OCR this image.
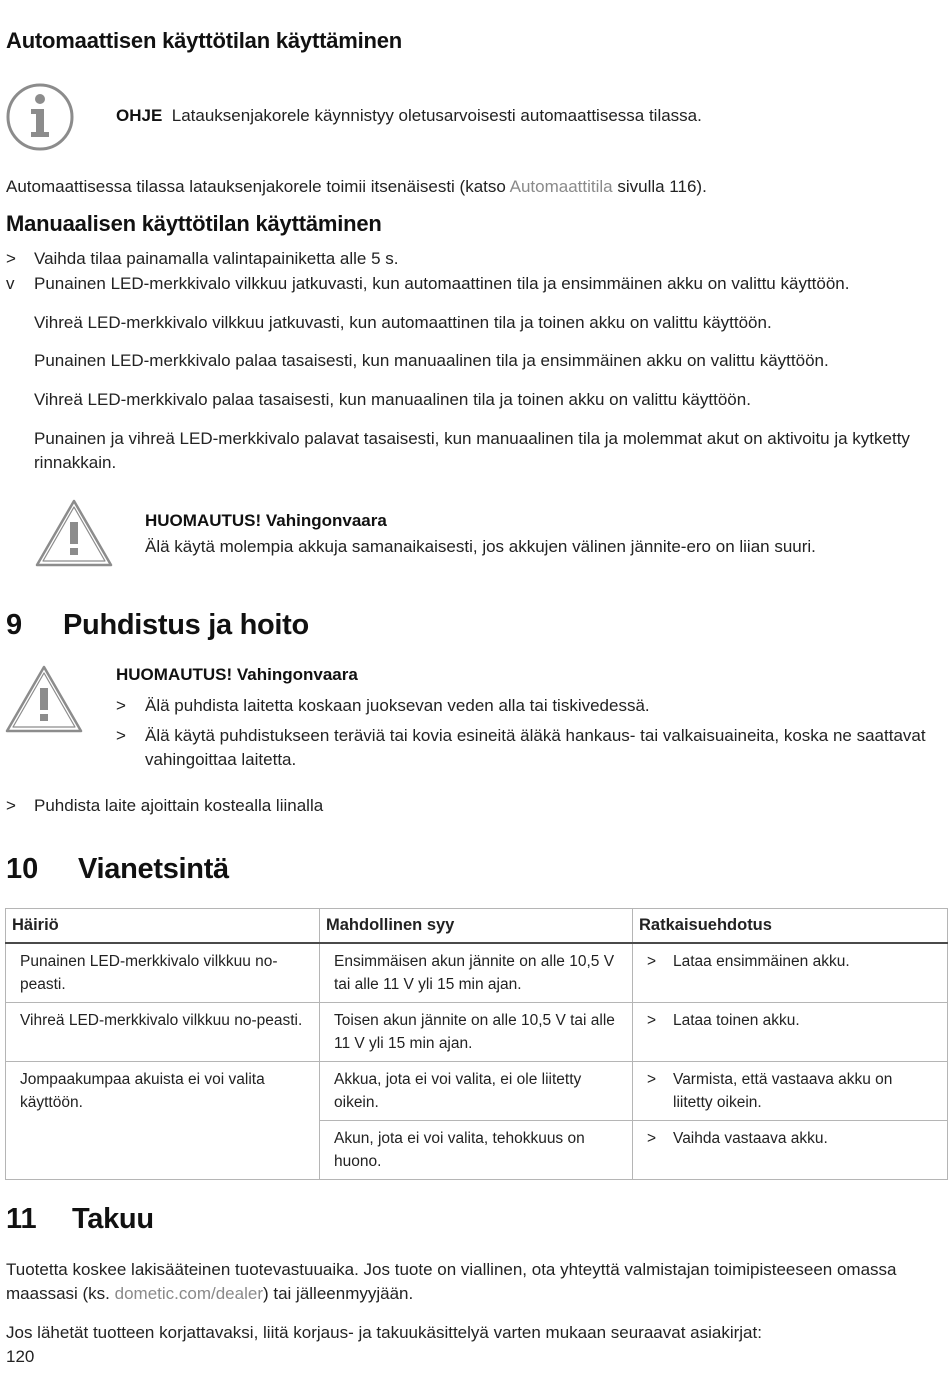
Automaattisen käyttötilan käyttäminen
OHJE Latauksenjakorele käynnistyy oletusarvoisesti automaattisessa tilassa.
Automaattisessa tilassa latauksenjakorele toimii itsenäisesti (katso Automaattitila sivulla 116).
Manuaalisen käyttötilan käyttäminen
> Vaihda tilaa painamalla valintapainiketta alle 5 s.
v Punainen LED-merkkivalo vilkkuu jatkuvasti, kun automaattinen tila ja ensimmäinen akku on valittu käyttöön.
Vihreä LED-merkkivalo vilkkuu jatkuvasti, kun automaattinen tila ja toinen akku on valittu käyttöön.
Punainen LED-merkkivalo palaa tasaisesti, kun manuaalinen tila ja ensimmäinen akku on valittu käyttöön.
Vihreä LED-merkkivalo palaa tasaisesti, kun manuaalinen tila ja toinen akku on valittu käyttöön.
Punainen ja vihreä LED-merkkivalo palavat tasaisesti, kun manuaalinen tila ja molemmat akut on aktivoitu ja kytketty rinnakkain.
HUOMAUTUS! Vahingonvaara
Älä käytä molempia akkuja samanaikaisesti, jos akkujen välinen jännite-ero on liian suuri.
9 Puhdistus ja hoito
HUOMAUTUS! Vahingonvaara
> Älä puhdista laitetta koskaan juoksevan veden alla tai tiskivedessä.
> Älä käytä puhdistukseen teräviä tai kovia esineitä äläkä hankaus- tai valkaisuaineita, koska ne saattavat vahingoittaa laitetta.
> Puhdista laite ajoittain kostealla liinalla
10 Vianetsintä
Häiriö	Mahdollinen syy	Ratkaisuehdotus
Punainen LED-merkkivalo vilkkuu no-peasti.	Ensimmäisen akun jännite on alle 10,5 V tai alle 11 V yli 15 min ajan.	> Lataa ensimmäinen akku.

Vihreä LED-merkkivalo vilkkuu no-peasti.	Toisen akun jännite on alle 10,5 V tai alle 11 V yli 15 min ajan.	> Lataa toinen akku.

Jompaakumpaa akuista ei voi valita käyttöön.	Akkua, jota ei voi valita, ei ole liitetty oikein.	> Varmista, että vastaava akku on liitetty oikein.

	Akun, jota ei voi valita, tehokkuus on huono.	> Vaihda vastaava akku.
11 Takuu
Tuotetta koskee lakisääteinen tuotevastuuaika. Jos tuote on viallinen, ota yhteyttä valmistajan toimipisteeseen omassa maassasi (ks. dometic.com/dealer) tai jälleenmyyjään.
Jos lähetät tuotteen korjattavaksi, liitä korjaus- ja takuukäsittelyä varten mukaan seuraavat asiakirjat:
120
